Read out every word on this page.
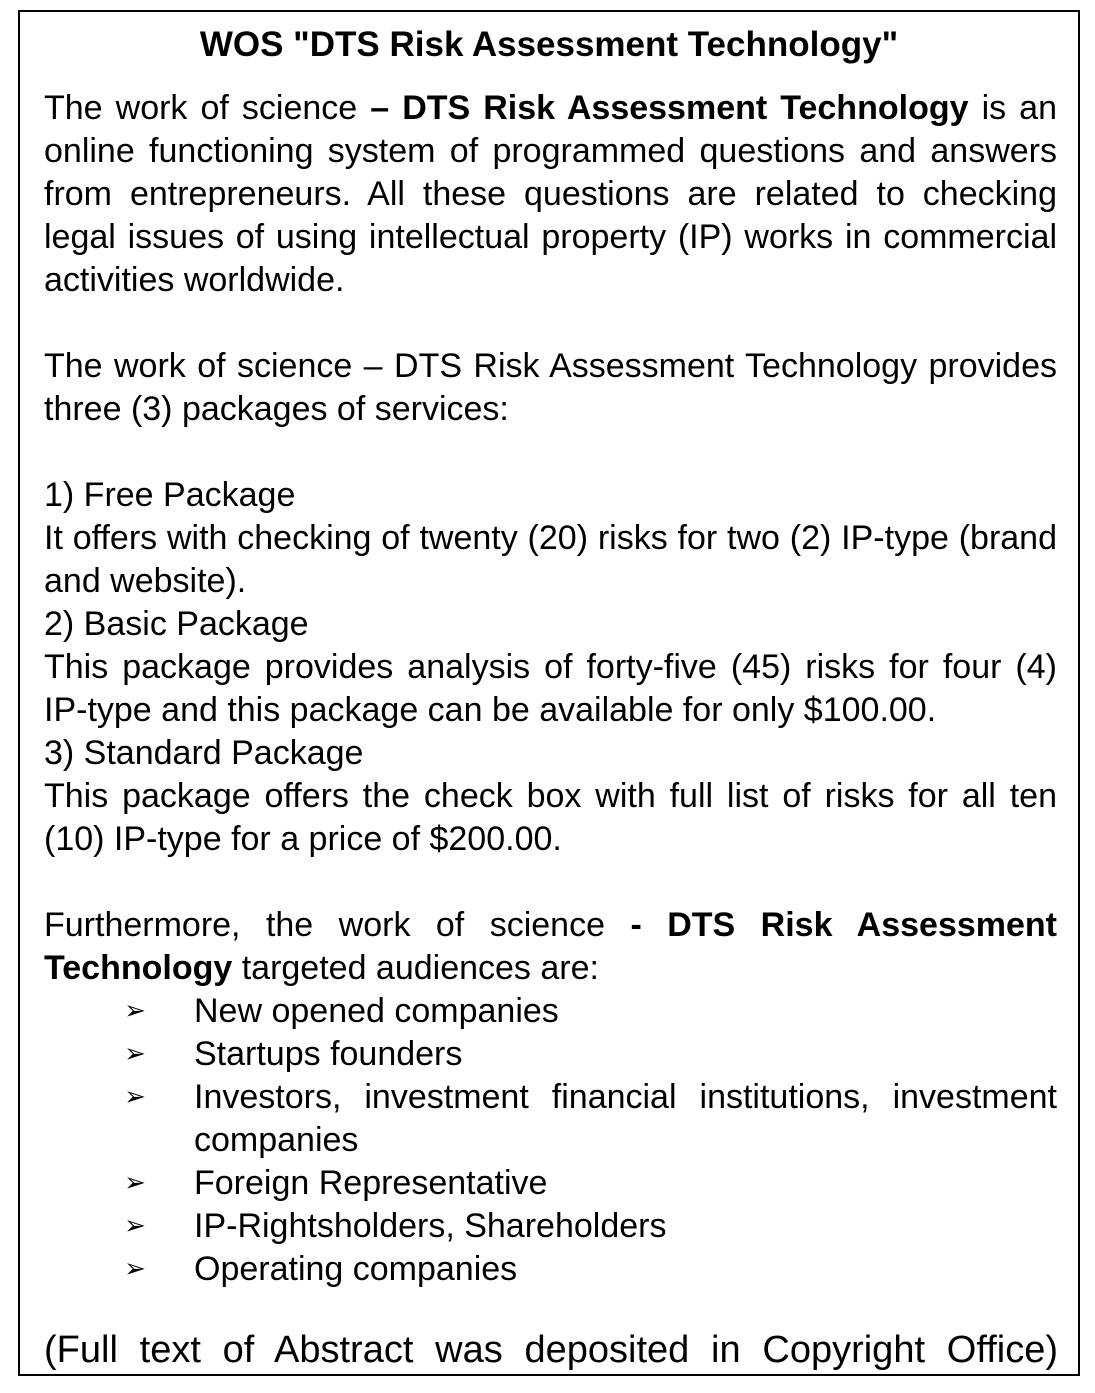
WOS "DTS Risk Assessment Technology"

The work of science – DTS Risk Assessment Technology is an online functioning system of programmed questions and answers from entrepreneurs. All these questions are related to checking legal issues of using intellectual property (IP) works in commercial activities worldwide.

The work of science – DTS Risk Assessment Technology provides three (3) packages of services:

1) Free Package

It offers with checking of twenty (20) risks for two (2) IP-type (brand and website).

2) Basic Package

This package provides analysis of forty-five (45) risks for four (4) IP-type and this package can be available for only $100.00.

3) Standard Package

This package offers the check box with full list of risks for all ten (10) IP-type for a price of $200.00.

Furthermore, the work of science - DTS Risk Assessment Technology targeted audiences are:

➢ New opened companies
➢ Startups founders
➢ Investors, investment financial institutions, investment companies
➢ Foreign Representative
➢ IP-Rightsholders, Shareholders
➢ Operating companies
(Full text of Abstract was deposited in Copyright Office)
